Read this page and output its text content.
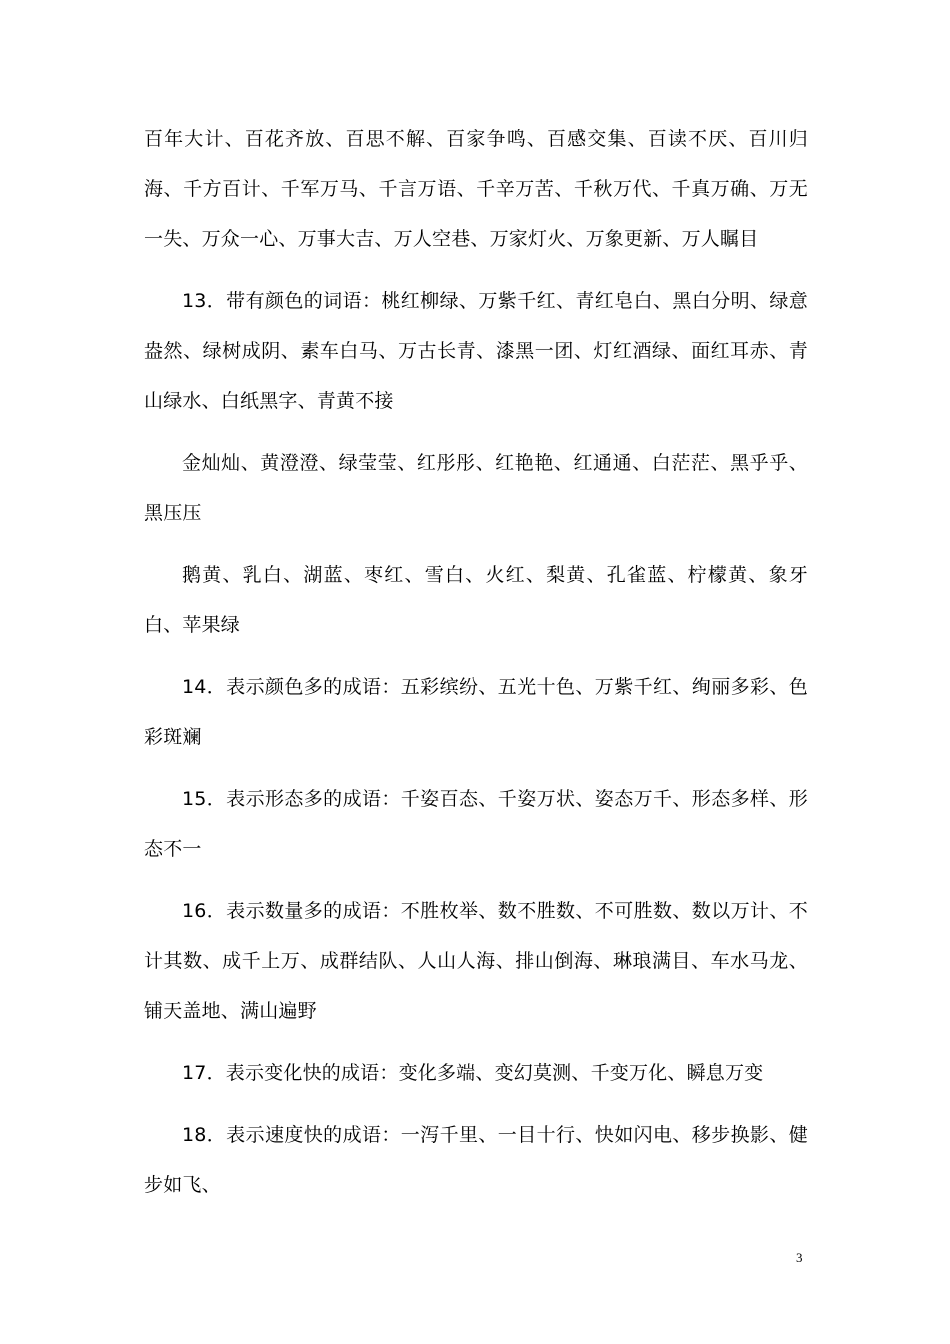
百年大计、百花齐放、百思不解、百家争鸣、百感交集、百读不厌、百川归海、千方百计、千军万马、千言万语、千辛万苦、千秋万代、千真万确、万无一失、万众一心、万事大吉、万人空巷、万家灯火、万象更新、万人瞩目

13．带有颜色的词语：桃红柳绿、万紫千红、青红皂白、黑白分明、绿意盎然、绿树成阴、素车白马、万古长青、漆黑一团、灯红酒绿、面红耳赤、青山绿水、白纸黑字、青黄不接

金灿灿、黄澄澄、绿莹莹、红彤彤、红艳艳、红通通、白茫茫、黑乎乎、黑压压

鹅黄、乳白、湖蓝、枣红、雪白、火红、梨黄、孔雀蓝、柠檬黄、象牙白、苹果绿

14．表示颜色多的成语：五彩缤纷、五光十色、万紫千红、绚丽多彩、色彩斑斓

15．表示形态多的成语：千姿百态、千姿万状、姿态万千、形态多样、形态不一

16．表示数量多的成语：不胜枚举、数不胜数、不可胜数、数以万计、不计其数、成千上万、成群结队、人山人海、排山倒海、琳琅满目、车水马龙、铺天盖地、满山遍野

17．表示变化快的成语：变化多端、变幻莫测、千变万化、瞬息万变

18．表示速度快的成语：一泻千里、一目十行、快如闪电、移步换影、健步如飞、

3
